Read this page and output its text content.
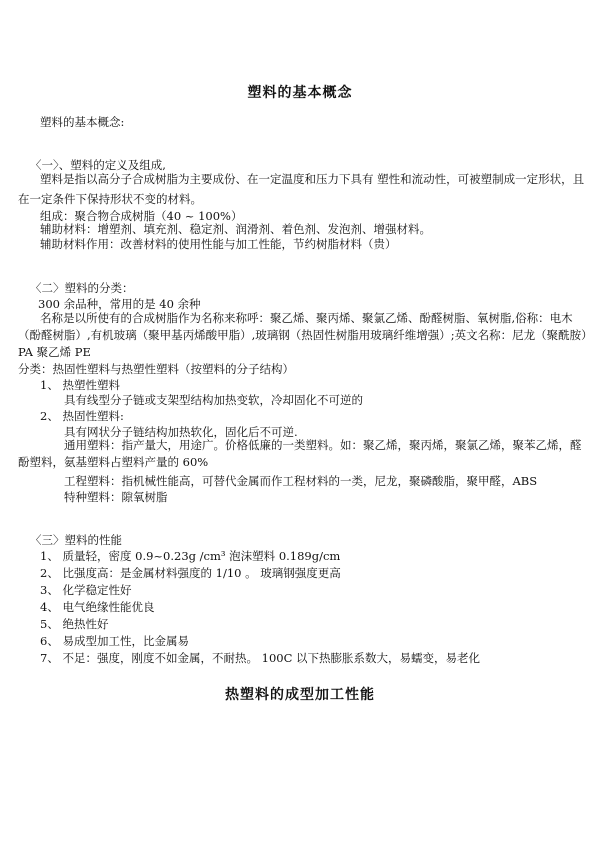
塑料的基本概念
塑料的基本概念:
〈一〉、塑料的定义及组成,
塑料是指以高分子合成树脂为主要成份、在一定温度和压力下具有 塑性和流动性，可被塑制成一定形状，且在一定条件下保持形状不变的材料。
组成：聚合物合成树脂（40 ~ 100%）
辅助材料：增塑剂、填充剂、稳定剂、润滑剂、着色剂、发泡剂、增强材料。
辅助材料作用：改善材料的使用性能与加工性能，节约树脂材料（贵）
〈二〉塑料的分类：
300 余品种，常用的是 40 余种
名称是以所使有的合成树脂作为名称来称呼：聚乙烯、聚丙烯、聚氯乙烯、酚醛树脂、氧树脂,俗称：电木（酚醛树脂）,有机玻璃（聚甲基丙烯酸甲脂）,玻璃钢（热固性树脂用玻璃纤维增强）;英文名称：尼龙（聚酰胺）PA 聚乙烯 PE
分类：热固性塑料与热塑性塑料（按塑料的分子结构）
1、 热塑性塑料
具有线型分子链或支架型结构加热变软，冷却固化不可逆的
2、 热固性塑料:
具有网状分子链结构加热软化，固化后不可逆.
通用塑料：指产量大，用途广。价格低廉的一类塑料。如：聚乙烯，聚丙烯，聚氯乙烯，聚苯乙烯，醛酚塑料，氨基塑料占塑料产量的 60%
工程塑料：指机械性能高，可替代金属而作工程材料的一类，尼龙，聚磷酸脂，聚甲醛，ABS
特种塑料：隙氧树脂
〈三〉塑料的性能
1、 质量轻，密度 0.9~0.23g /cm³ 泡沫塑料 0.189g/cm
2、 比强度高：是金属材料强度的 1/10 。 玻璃钢强度更高
3、 化学稳定性好
4、 电气绝缘性能优良
5、 绝热性好
6、 易成型加工性，比金属易
7、 不足：强度，刚度不如金属，不耐热。 100C 以下热膨胀系数大，易蠕变，易老化
热塑料的成型加工性能
